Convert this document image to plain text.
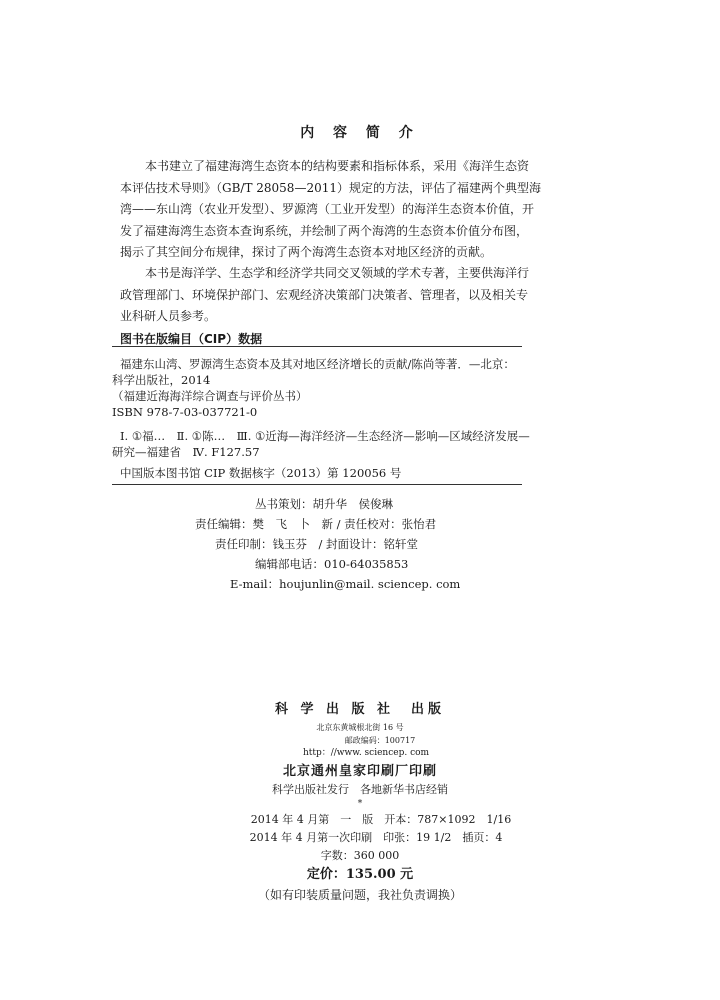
内 容 简 介
本书建立了福建海湾生态资本的结构要素和指标体系，采用《海洋生态资
本评估技术导则》（GB/T 28058—2011）规定的方法，评估了福建两个典型海
湾——东山湾（农业开发型）、罗源湾（工业开发型）的海洋生态资本价值，开
发了福建海湾生态资本查询系统，并绘制了两个海湾的生态资本价值分布图，
揭示了其空间分布规律，探讨了两个海湾生态资本对地区经济的贡献。
本书是海洋学、生态学和经济学共同交叉领域的学术专著，主要供海洋行
政管理部门、环境保护部门、宏观经济决策部门决策者、管理者，以及相关专
业科研人员参考。
图书在版编目（CIP）数据
福建东山湾、罗源湾生态资本及其对地区经济增长的贡献/陈尚等著．—北京：
科学出版社，2014
（福建近海海洋综合调查与评价丛书）
ISBN 978-7-03-037721-0
Ⅰ. ①福…　Ⅱ. ①陈…　Ⅲ. ①近海—海洋经济—生态经济—影响—区域经济发展—
研究—福建省　Ⅳ. F127.57
中国版本图书馆 CIP 数据核字（2013）第 120056 号
丛书策划：胡升华　侯俊琳
责任编辑：樊　飞　卜　新 / 责任校对：张怡君
责任印制：钱玉芬　/ 封面设计：铭轩堂
编辑部电话：010-64035853
E-mail：houjunlin@mail. sciencep. com
科 学 出 版 社　出版
北京东黄城根北街 16 号
邮政编码：100717
http：//www. sciencep. com
北京通州皇家印刷厂印刷
科学出版社发行　各地新华书店经销
*
2014 年 4 月第　一　版　开本：787×1092　1/16
2014 年 4 月第一次印刷　印张：19 1/2　插页：4
字数：360 000
定价：135.00 元
（如有印装质量问题，我社负责调换）
